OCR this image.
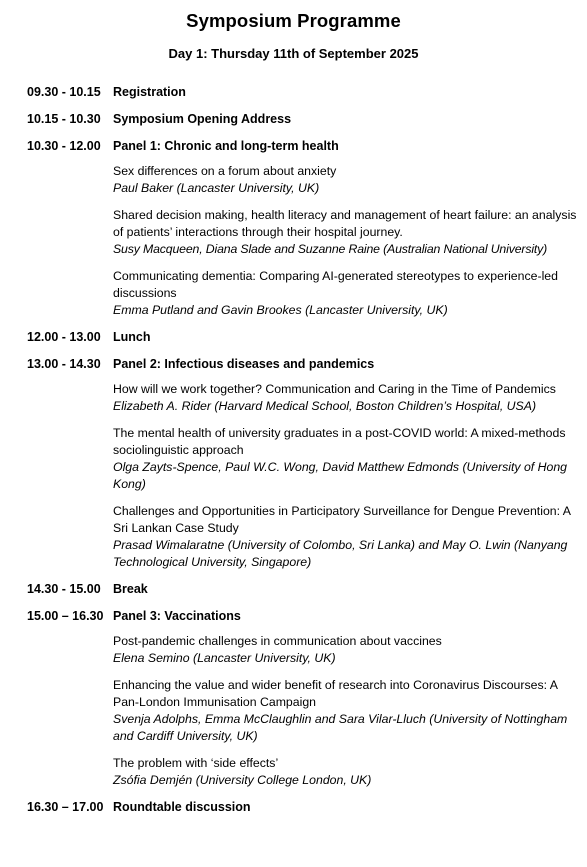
Symposium Programme
Day 1: Thursday 11th of September 2025
09.30 - 10.15 Registration
10.15 - 10.30 Symposium Opening Address
10.30 - 12.00 Panel 1: Chronic and long-term health
Sex differences on a forum about anxiety
Paul Baker (Lancaster University, UK)
Shared decision making, health literacy and management of heart failure: an analysis of patients’ interactions through their hospital journey.
Susy Macqueen, Diana Slade and Suzanne Raine (Australian National University)
Communicating dementia: Comparing AI-generated stereotypes to experience-led discussions
Emma Putland and Gavin Brookes (Lancaster University, UK)
12.00 - 13.00 Lunch
13.00 - 14.30 Panel 2: Infectious diseases and pandemics
How will we work together? Communication and Caring in the Time of Pandemics
Elizabeth A. Rider (Harvard Medical School, Boston Children’s Hospital, USA)
The mental health of university graduates in a post-COVID world: A mixed-methods sociolinguistic approach
Olga Zayts-Spence, Paul W.C. Wong, David Matthew Edmonds (University of Hong Kong)
Challenges and Opportunities in Participatory Surveillance for Dengue Prevention: A Sri Lankan Case Study
Prasad Wimalaratne (University of Colombo, Sri Lanka) and May O. Lwin (Nanyang Technological University, Singapore)
14.30 - 15.00 Break
15.00 – 16.30 Panel 3: Vaccinations
Post-pandemic challenges in communication about vaccines
Elena Semino (Lancaster University, UK)
Enhancing the value and wider benefit of research into Coronavirus Discourses: A Pan-London Immunisation Campaign
Svenja Adolphs, Emma McClaughlin and Sara Vilar-Lluch (University of Nottingham and Cardiff University, UK)
The problem with ‘side effects’
Zsófia Demjén (University College London, UK)
16.30 – 17.00 Roundtable discussion
